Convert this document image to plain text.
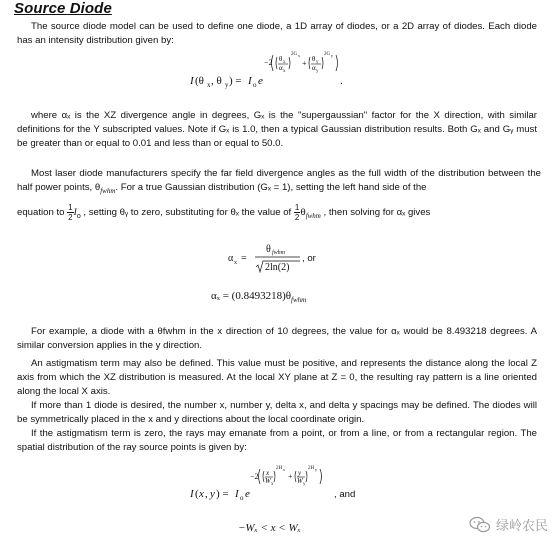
Source Diode

The source diode model can be used to define one diode, a 1D array of diodes, or a 2D array of diodes. Each diode has an intensity distribution given by:

I (θ x , θ y ) = I o e
−2 θ x
α x
2G x
+ θ y
α y
2G y
.

where αₓ is the XZ divergence angle in degrees, Gₓ is the "supergaussian" factor for the X direction, with similar definitions for the Y subscripted values. Note if Gₓ is 1.0, then a typical Gaussian distribution results. Both Gₓ and Gᵧ must be greater than or equal to 0.01 and less than or equal to 50.0.

Most laser diode manufacturers specify the far field divergence angles as the full width of the distribution between the half power points, $\theta_{fwhm}$. For a true Gaussian distribution (Gₓ = 1), setting the left hand side of the

equation to $\frac{1}{2} I_o$ , setting θᵧ to zero, substituting for θₓ the value of $\frac{1}{2} \theta_{fwhm}$ , then solving for αₓ gives
α x =
θ fwhm
2ln(2)
, or
$\alpha_x = (0.8493218)\theta_{fwhm}$

For example, a diode with a θfwhm in the x direction of 10 degrees, the value for αₓ would be 8.493218 degrees. A similar conversion applies in the y direction.

An astigmatism term may also be defined. This value must be positive, and represents the distance along the local Z axis from which the XZ distribution is measured. At the local XY plane at Z = 0, the resulting ray pattern is a line oriented along the local X axis.

If more than 1 diode is desired, the number x, number y, delta x, and delta y spacings may be defined. The diodes will be symmetrically placed in the x and y directions about the local coordinate origin.

If the astigmatism term is zero, the rays may emanate from a point, or from a line, or from a rectangular region. The spatial distribution of the ray source points is given by:

I ( x , y ) = I o e
−2 x
W x
2H x
+ y
W y
2H y
, and
−Wₓ < x < Wₓ	绿岭农民
